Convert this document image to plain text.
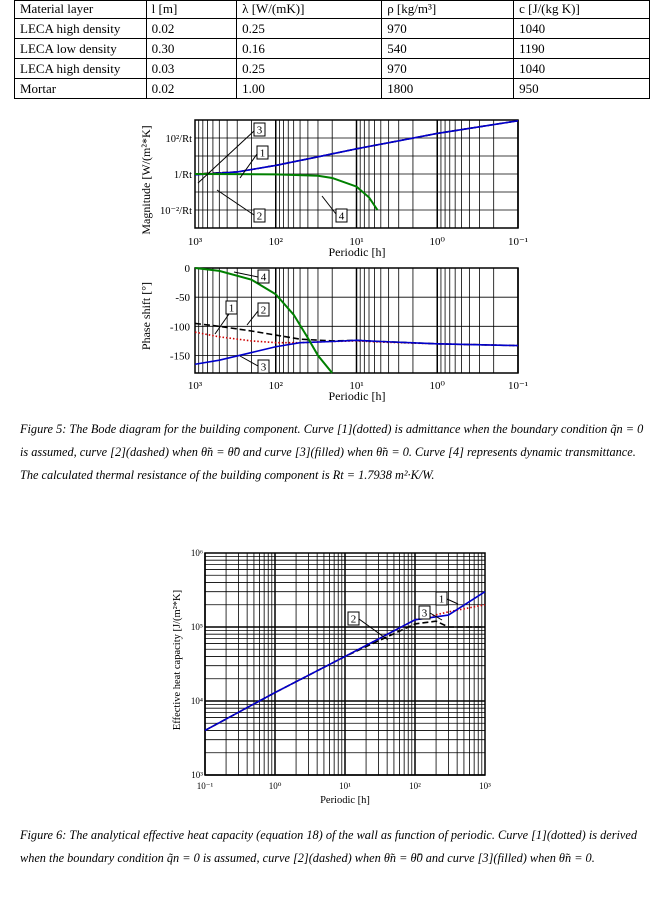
Material layer	l [m]	λ [W/(mK)]	ρ [kg/m³]	c [J/(kg K)]
LECA high density	0.02	0.25	970	1040
LECA low density	0.30	0.16	540	1190
LECA high density	0.03	0.25	970	1040
Mortar	0.02	1.00	1800	950
10³	10²	10¹	10⁰	10⁻¹
10²/Rt
1/Rt
10⁻²/Rt
Periodic [h]
Magnitude [W/(m²*K]	3
1
2	4
10³	10²	10¹	10⁰	10⁻¹
0
-50
-100
-150
Periodic [h]
Phase shift [°]
4
1 2
3
10⁻¹	10⁰	10¹	10²	10³
10⁶
10⁵
10⁴
10³
Periodic [h]
Effective heat capacity [J/(m²*K]	2
1
3
Figure 5: The Bode diagram for the building component. Curve [1](dotted) is admittance when the boundary condition q̃n = 0 is assumed, curve [2](dashed) when θ̃n = θ̃0 and curve [3](filled) when θ̃n = 0. Curve [4] represents dynamic transmittance. The calculated thermal resistance of the building component is Rt = 1.7938 m²·K/W.
Figure 6: The analytical effective heat capacity (equation 18) of the wall as function of periodic. Curve [1](dotted) is derived when the boundary condition q̃n = 0 is assumed, curve [2](dashed) when θ̃n = θ̃0 and curve [3](filled) when θ̃n = 0.
